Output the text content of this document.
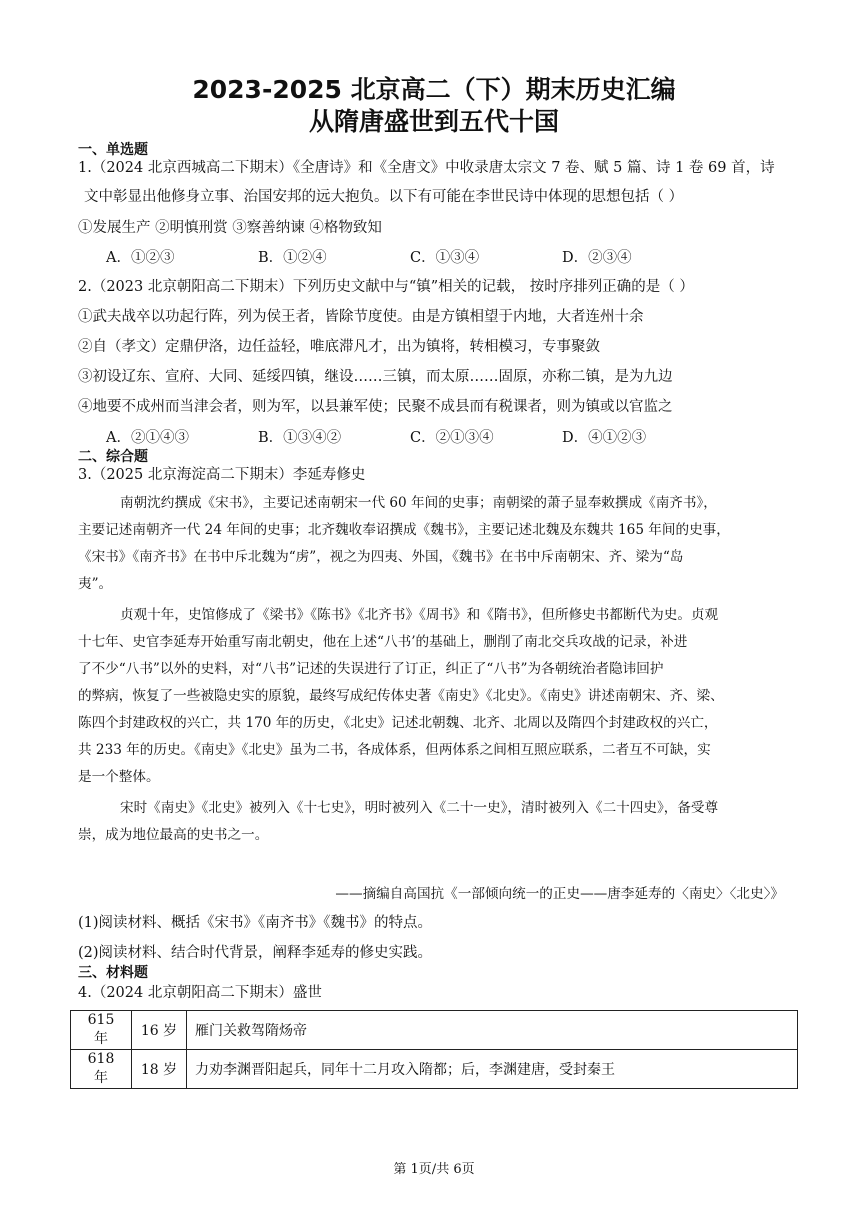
2023-2025 北京高二（下）期末历史汇编
从隋唐盛世到五代十国
一、单选题
1.（2024 北京西城高二下期末）《全唐诗》和《全唐文》中收录唐太宗文 7 卷、赋 5 篇、诗 1 卷 69 首，诗
文中彰显出他修身立事、治国安邦的远大抱负。以下有可能在李世民诗中体现的思想包括（ ）
①发展生产 ②明慎刑赏 ③察善纳谏 ④格物致知
A．①②③	B．①②④	C．①③④	D．②③④
2.（2023 北京朝阳高二下期末）下列历史文献中与“镇”相关的记载， 按时序排列正确的是（ ）
①武夫战卒以功起行阵，列为侯王者，皆除节度使。由是方镇相望于内地，大者连州十余
②自（孝文）定鼎伊洛，边任益轻，唯底滞凡才，出为镇将，转相模习，专事聚敛
③初设辽东、宣府、大同、延绥四镇，继设……三镇，而太原……固原，亦称二镇，是为九边
④地要不成州而当津会者，则为军，以县兼军使；民聚不成县而有税课者，则为镇或以官监之
A．②①④③	B．①③④②	C．②①③④	D．④①②③
二、综合题
3.（2025 北京海淀高二下期末）李延寿修史
南朝沈约撰成《宋书》，主要记述南朝宋一代 60 年间的史事；南朝梁的萧子显奉敕撰成《南齐书》，
主要记述南朝齐一代 24 年间的史事；北齐魏收奉诏撰成《魏书》，主要记述北魏及东魏共 165 年间的史事，
《宋书》《南齐书》在书中斥北魏为“虏”，视之为四夷、外国，《魏书》在书中斥南朝宋、齐、梁为“岛
夷”。
贞观十年，史馆修成了《梁书》《陈书》《北齐书》《周书》和《隋书》，但所修史书都断代为史。贞观
十七年、史官李延寿开始重写南北朝史，他在上述“八书’的基础上，删削了南北交兵攻战的记录，补进
了不少“八书”以外的史料，对“八书”记述的失误进行了订正，纠正了“八书”为各朝统治者隐讳回护
的弊病，恢复了一些被隐史实的原貌，最终写成纪传体史著《南史》《北史》。《南史》讲述南朝宋、齐、梁、
陈四个封建政权的兴亡，共 170 年的历史，《北史》记述北朝魏、北齐、北周以及隋四个封建政权的兴亡，
共 233 年的历史。《南史》《北史》虽为二书，各成体系，但两体系之间相互照应联系，二者互不可缺，实
是一个整体。
宋时《南史》《北史》被列入《十七史》，明时被列入《二十一史》，清时被列入《二十四史》，备受尊
崇，成为地位最高的史书之一。
——摘编自高国抗《一部倾向统一的正史——唐李延寿的〈南史〉〈北史〉》
(1)阅读材料、概括《宋书》《南齐书》《魏书》的特点。
(2)阅读材料、结合时代背景，阐释李延寿的修史实践。
三、材料题
4.（2024 北京朝阳高二下期末）盛世
615 年	16 岁	雁门关救驾隋炀帝
618 年	18 岁	力劝李渊晋阳起兵，同年十二月攻入隋都；后，李渊建唐，受封秦王
第 1页/共 6页
